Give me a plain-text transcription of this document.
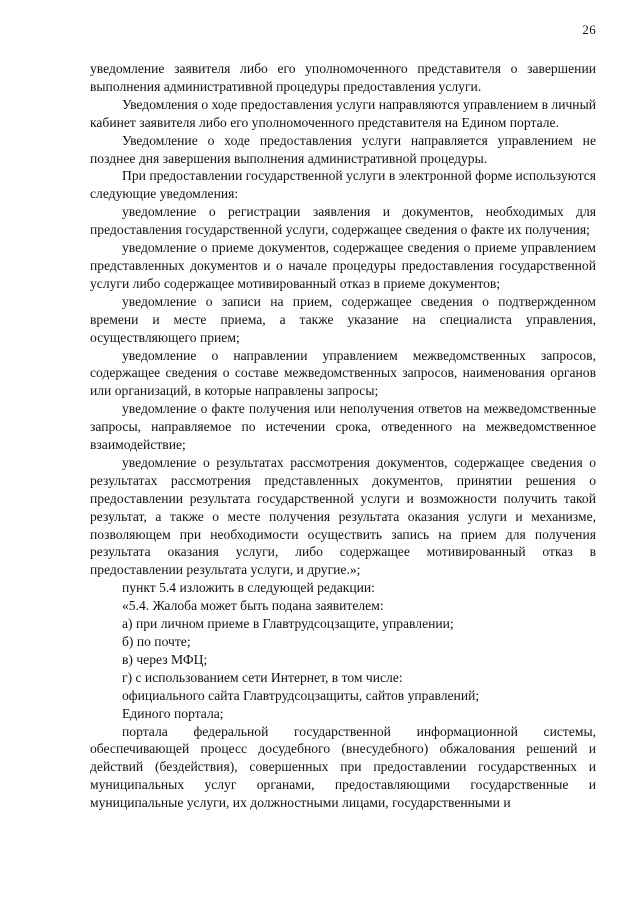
26

уведомление заявителя либо его уполномоченного представителя о завершении выполнения административной процедуры предоставления услуги.

Уведомления о ходе предоставления услуги направляются управлением в личный кабинет заявителя либо его уполномоченного представителя на Едином портале.

Уведомление о ходе предоставления услуги направляется управлением не позднее дня завершения выполнения административной процедуры.

При предоставлении государственной услуги в электронной форме используются следующие уведомления:

уведомление о регистрации заявления и документов, необходимых для предоставления государственной услуги, содержащее сведения о факте их получения;

уведомление о приеме документов, содержащее сведения о приеме управлением представленных документов и о начале процедуры предоставления государственной услуги либо содержащее мотивированный отказ в приеме документов;

уведомление о записи на прием, содержащее сведения о подтвержденном времени и месте приема, а также указание на специалиста управления, осуществляющего прием;

уведомление о направлении управлением межведомственных запросов, содержащее сведения о составе межведомственных запросов, наименования органов или организаций, в которые направлены запросы;

уведомление о факте получения или неполучения ответов на межведомственные запросы, направляемое по истечении срока, отведенного на межведомственное взаимодействие;

уведомление о результатах рассмотрения документов, содержащее сведения о результатах рассмотрения представленных документов, принятии решения о предоставлении результата государственной услуги и возможности получить такой результат, а также о месте получения результата оказания услуги и механизме, позволяющем при необходимости осуществить запись на прием для получения результата оказания услуги, либо содержащее мотивированный отказ в предоставлении результата услуги, и другие.»;

пункт 5.4 изложить в следующей редакции:

«5.4. Жалоба может быть подана заявителем:

а) при личном приеме в Главтрудсоцзащите, управлении;

б) по почте;

в) через МФЦ;

г) с использованием сети Интернет, в том числе:

официального сайта Главтрудсоцзащиты, сайтов управлений;

Единого портала;

портала федеральной государственной информационной системы, обеспечивающей процесс досудебного (внесудебного) обжалования решений и действий (бездействия), совершенных при предоставлении государственных и муниципальных услуг органами, предоставляющими государственные и муниципальные услуги, их должностными лицами, государственными и
